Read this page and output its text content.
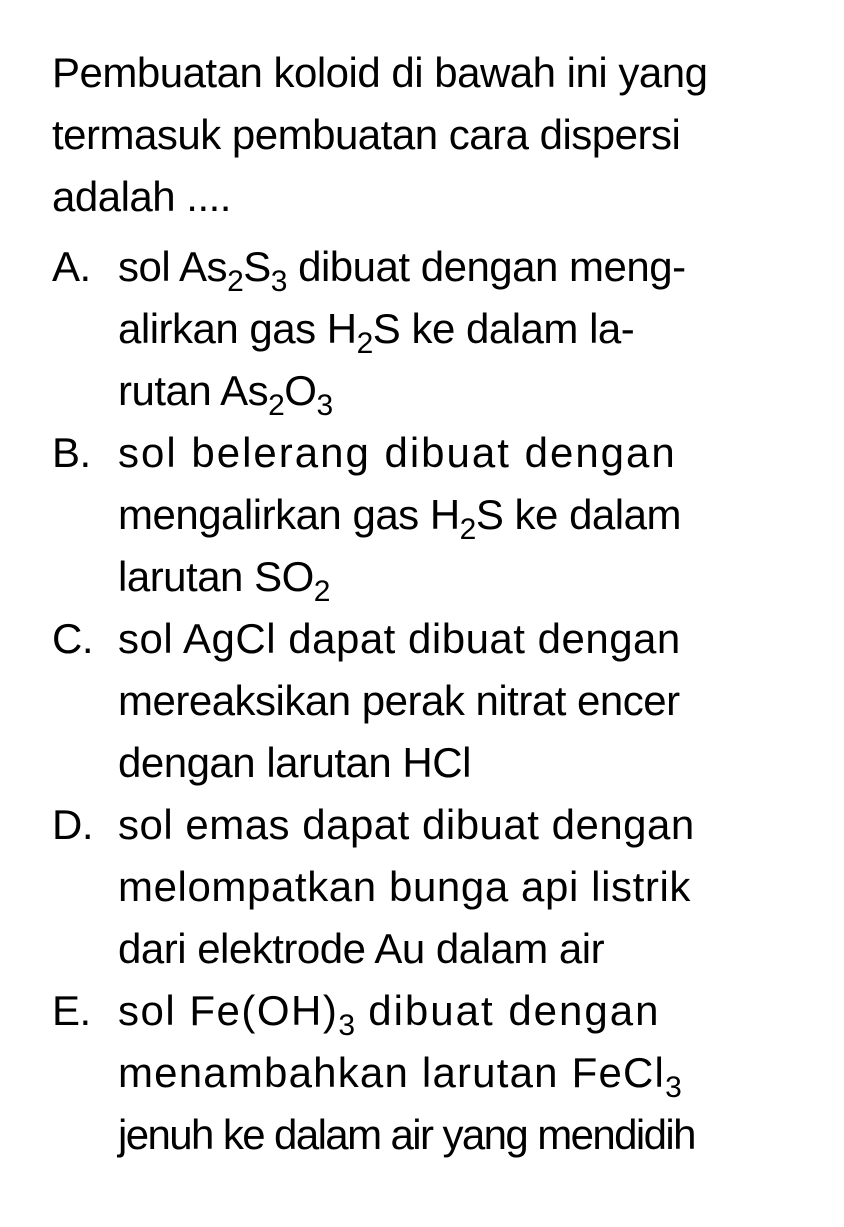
Pembuatan koloid di bawah ini yang
termasuk pembuatan cara dispersi
adalah ....
A. sol $As_2S_3$ dibuat dengan meng-
alirkan gas $H_2S$ ke dalam la-
rutan $As_2O_3$
B. sol belerang dibuat dengan
mengalirkan gas $H_2S$ ke dalam
larutan $SO_2$
C. sol AgCl dapat dibuat dengan
mereaksikan perak nitrat encer
dengan larutan HCl
D. sol emas dapat dibuat dengan
melompatkan bunga api listrik
dari elektrode Au dalam air
E. sol $Fe(OH)_3$ dibuat dengan
menambahkan larutan FeCl$_3$
jenuh ke dalam air yang mendidih
